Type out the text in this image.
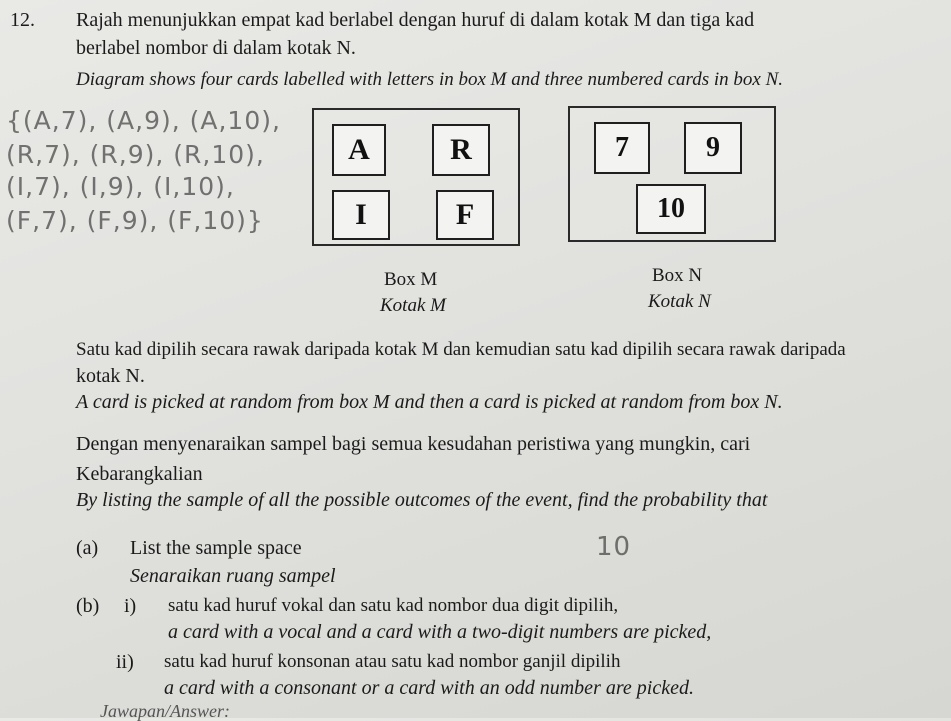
12. Rajah menunjukkan empat kad berlabel dengan huruf di dalam kotak M dan tiga kad
berlabel nombor di dalam kotak N.
Diagram shows four cards labelled with letters in box M and three numbered cards in box N.
{(A,7), (A,9), (A,10),
(R,7), (R,9), (R,10),
(I,7), (I,9), (I,10),
(F,7), (F,9), (F,10)}
A	R
I	F
Box M
Kotak M
7	9
10
Box N
Kotak N
Satu kad dipilih secara rawak daripada kotak M dan kemudian satu kad dipilih secara rawak daripada
kotak N.
A card is picked at random from box M and then a card is picked at random from box N.
Dengan menyenaraikan sampel bagi semua kesudahan peristiwa yang mungkin, cari
Kebarangkalian
By listing the sample of all the possible outcomes of the event, find the probability that
(a) List the sample space
Senaraikan ruang sampel
10
(b) i) satu kad huruf vokal dan satu kad nombor dua digit dipilih,
a card with a vocal and a card with a two-digit numbers are picked,
ii) satu kad huruf konsonan atau satu kad nombor ganjil dipilih
a card with a consonant or a card with an odd number are picked.
Jawapan/Answer:
